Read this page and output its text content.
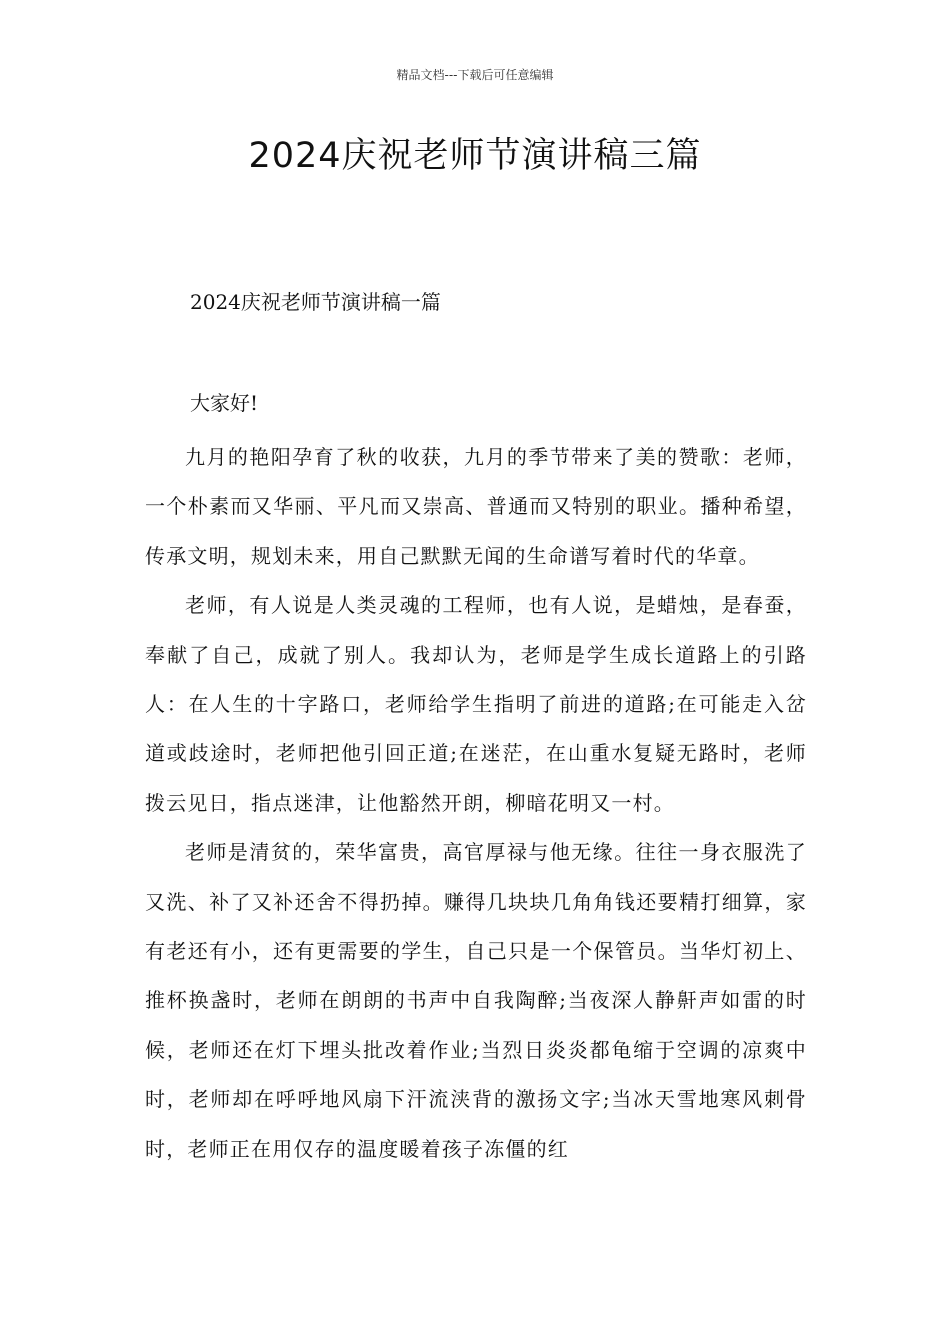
精品文档---下载后可任意编辑
2024庆祝老师节演讲稿三篇
2024庆祝老师节演讲稿一篇

大家好!

九月的艳阳孕育了秋的收获，九月的季节带来了美的赞歌：老师，一个朴素而又华丽、平凡而又崇高、普通而又特别的职业。播种希望，传承文明，规划未来，用自己默默无闻的生命谱写着时代的华章。

老师，有人说是人类灵魂的工程师，也有人说，是蜡烛，是春蚕，奉献了自己，成就了别人。我却认为，老师是学生成长道路上的引路人：在人生的十字路口，老师给学生指明了前进的道路;在可能走入岔道或歧途时，老师把他引回正道;在迷茫，在山重水复疑无路时，老师拨云见日，指点迷津，让他豁然开朗，柳暗花明又一村。

老师是清贫的，荣华富贵，高官厚禄与他无缘。往往一身衣服洗了又洗、补了又补还舍不得扔掉。赚得几块块几角角钱还要精打细算，家有老还有小，还有更需要的学生，自己只是一个保管员。当华灯初上、推杯换盏时，老师在朗朗的书声中自我陶醉;当夜深人静鼾声如雷的时候，老师还在灯下埋头批改着作业;当烈日炎炎都龟缩于空调的凉爽中时，老师却在呼呼地风扇下汗流浃背的激扬文字;当冰天雪地寒风刺骨时，老师正在用仅存的温度暖着孩子冻僵的红
